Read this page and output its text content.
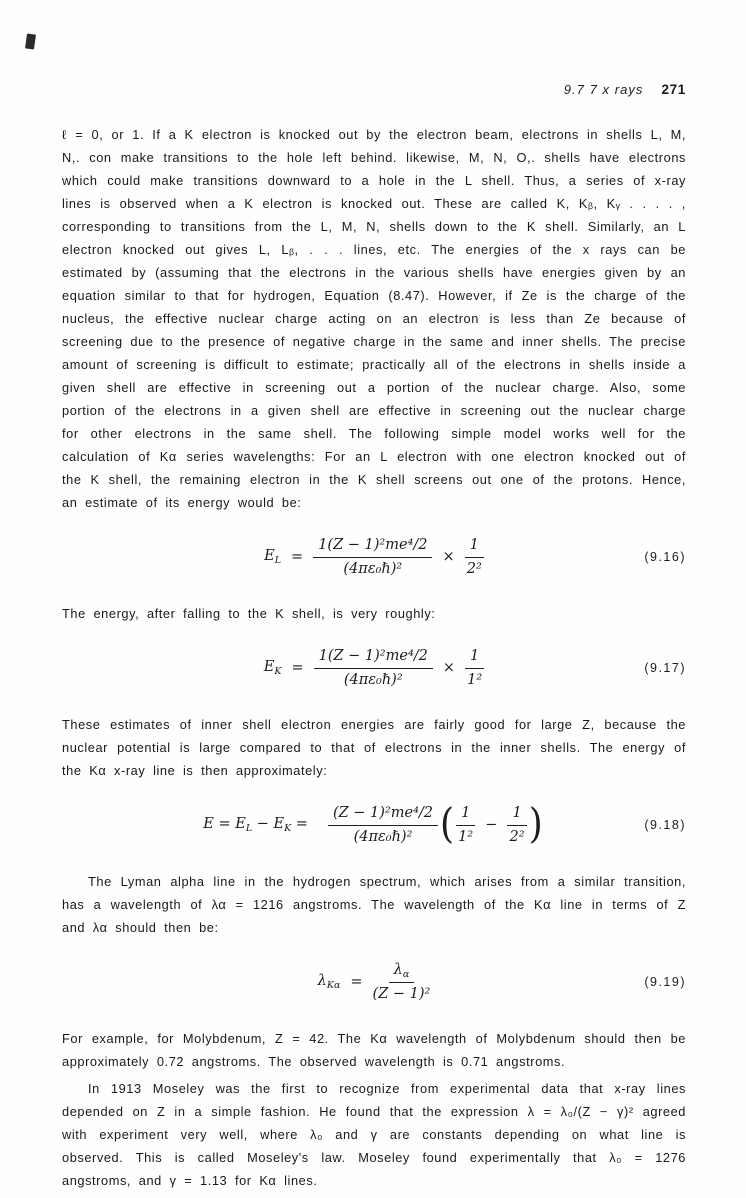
9.7 7 x rays 271

ℓ = 0, or 1. If a K electron is knocked out by the electron beam, electrons in shells L, M, N,. con make transitions to the hole left behind. likewise, M, N, O,. shells have electrons which could make transitions downward to a hole in the L shell. Thus, a series of x-ray lines is observed when a K electron is knocked out. These are called K, Kᵦ, Kᵧ . . . . , corresponding to transitions from the L, M, N, shells down to the K shell. Similarly, an L electron knocked out gives L, Lᵦ, . . . lines, etc. The energies of the x rays can be estimated by (assuming that the electrons in the various shells have energies given by an equation similar to that for hydrogen, Equation (8.47). However, if Ze is the charge of the nucleus, the effective nuclear charge acting on an electron is less than Ze because of screening due to the presence of negative charge in the same and inner shells. The precise amount of screening is difficult to estimate; practically all of the electrons in shells inside a given shell are effective in screening out a portion of the nuclear charge. Also, some portion of the electrons in a given shell are effective in screening out the nuclear charge for other electrons in the same shell. The following simple model works well for the calculation of Kα series wavelengths: For an L electron with one electron knocked out of the K shell, the remaining electron in the K shell screens out one of the protons. Hence, an estimate of its energy would be:

$E_L = \frac{\text{1(Z − 1)²me⁴/2}}{\text{(4πε₀ℏ)²}} \times \frac{1}{\text{2²}}$	(9.16)

The energy, after falling to the K shell, is very roughly:

$E_K = \frac{\text{1(Z − 1)²me⁴/2}}{\text{(4πε₀ℏ)²}} \times \frac{1}{\text{1²}}$	(9.17)

These estimates of inner shell electron energies are fairly good for large Z, because the nuclear potential is large compared to that of electrons in the inner shells. The energy of the Kα x-ray line is then approximately:

$E = E_L - E_K = \frac{\text{(Z − 1)²me⁴/2}}{\text{(4πε₀ℏ)²}}$ ( $\frac{1}{\text{1²}} - \frac{1}{\text{2²}}$ )	(9.18)

The Lyman alpha line in the hydrogen spectrum, which arises from a similar transition, has a wavelength of λα = 1216 angstroms. The wavelength of the Kα line in terms of Z and λα should then be:

$\lambda_{K\alpha} = \frac{\lambda_\alpha}{\text{(Z − 1)²}}$	(9.19)

For example, for Molybdenum, Z = 42. The Kα wavelength of Molybdenum should then be approximately 0.72 angstroms. The observed wavelength is 0.71 angstroms.

In 1913 Moseley was the first to recognize from experimental data that x-ray lines depended on Z in a simple fashion. He found that the expression λ = λ₀/(Z − γ)² agreed with experiment very well, where λ₀ and γ are constants depending on what line is observed. This is called Moseley's law. Moseley found experimentally that λ₀ = 1276 angstroms, and γ = 1.13 for Kα lines.
